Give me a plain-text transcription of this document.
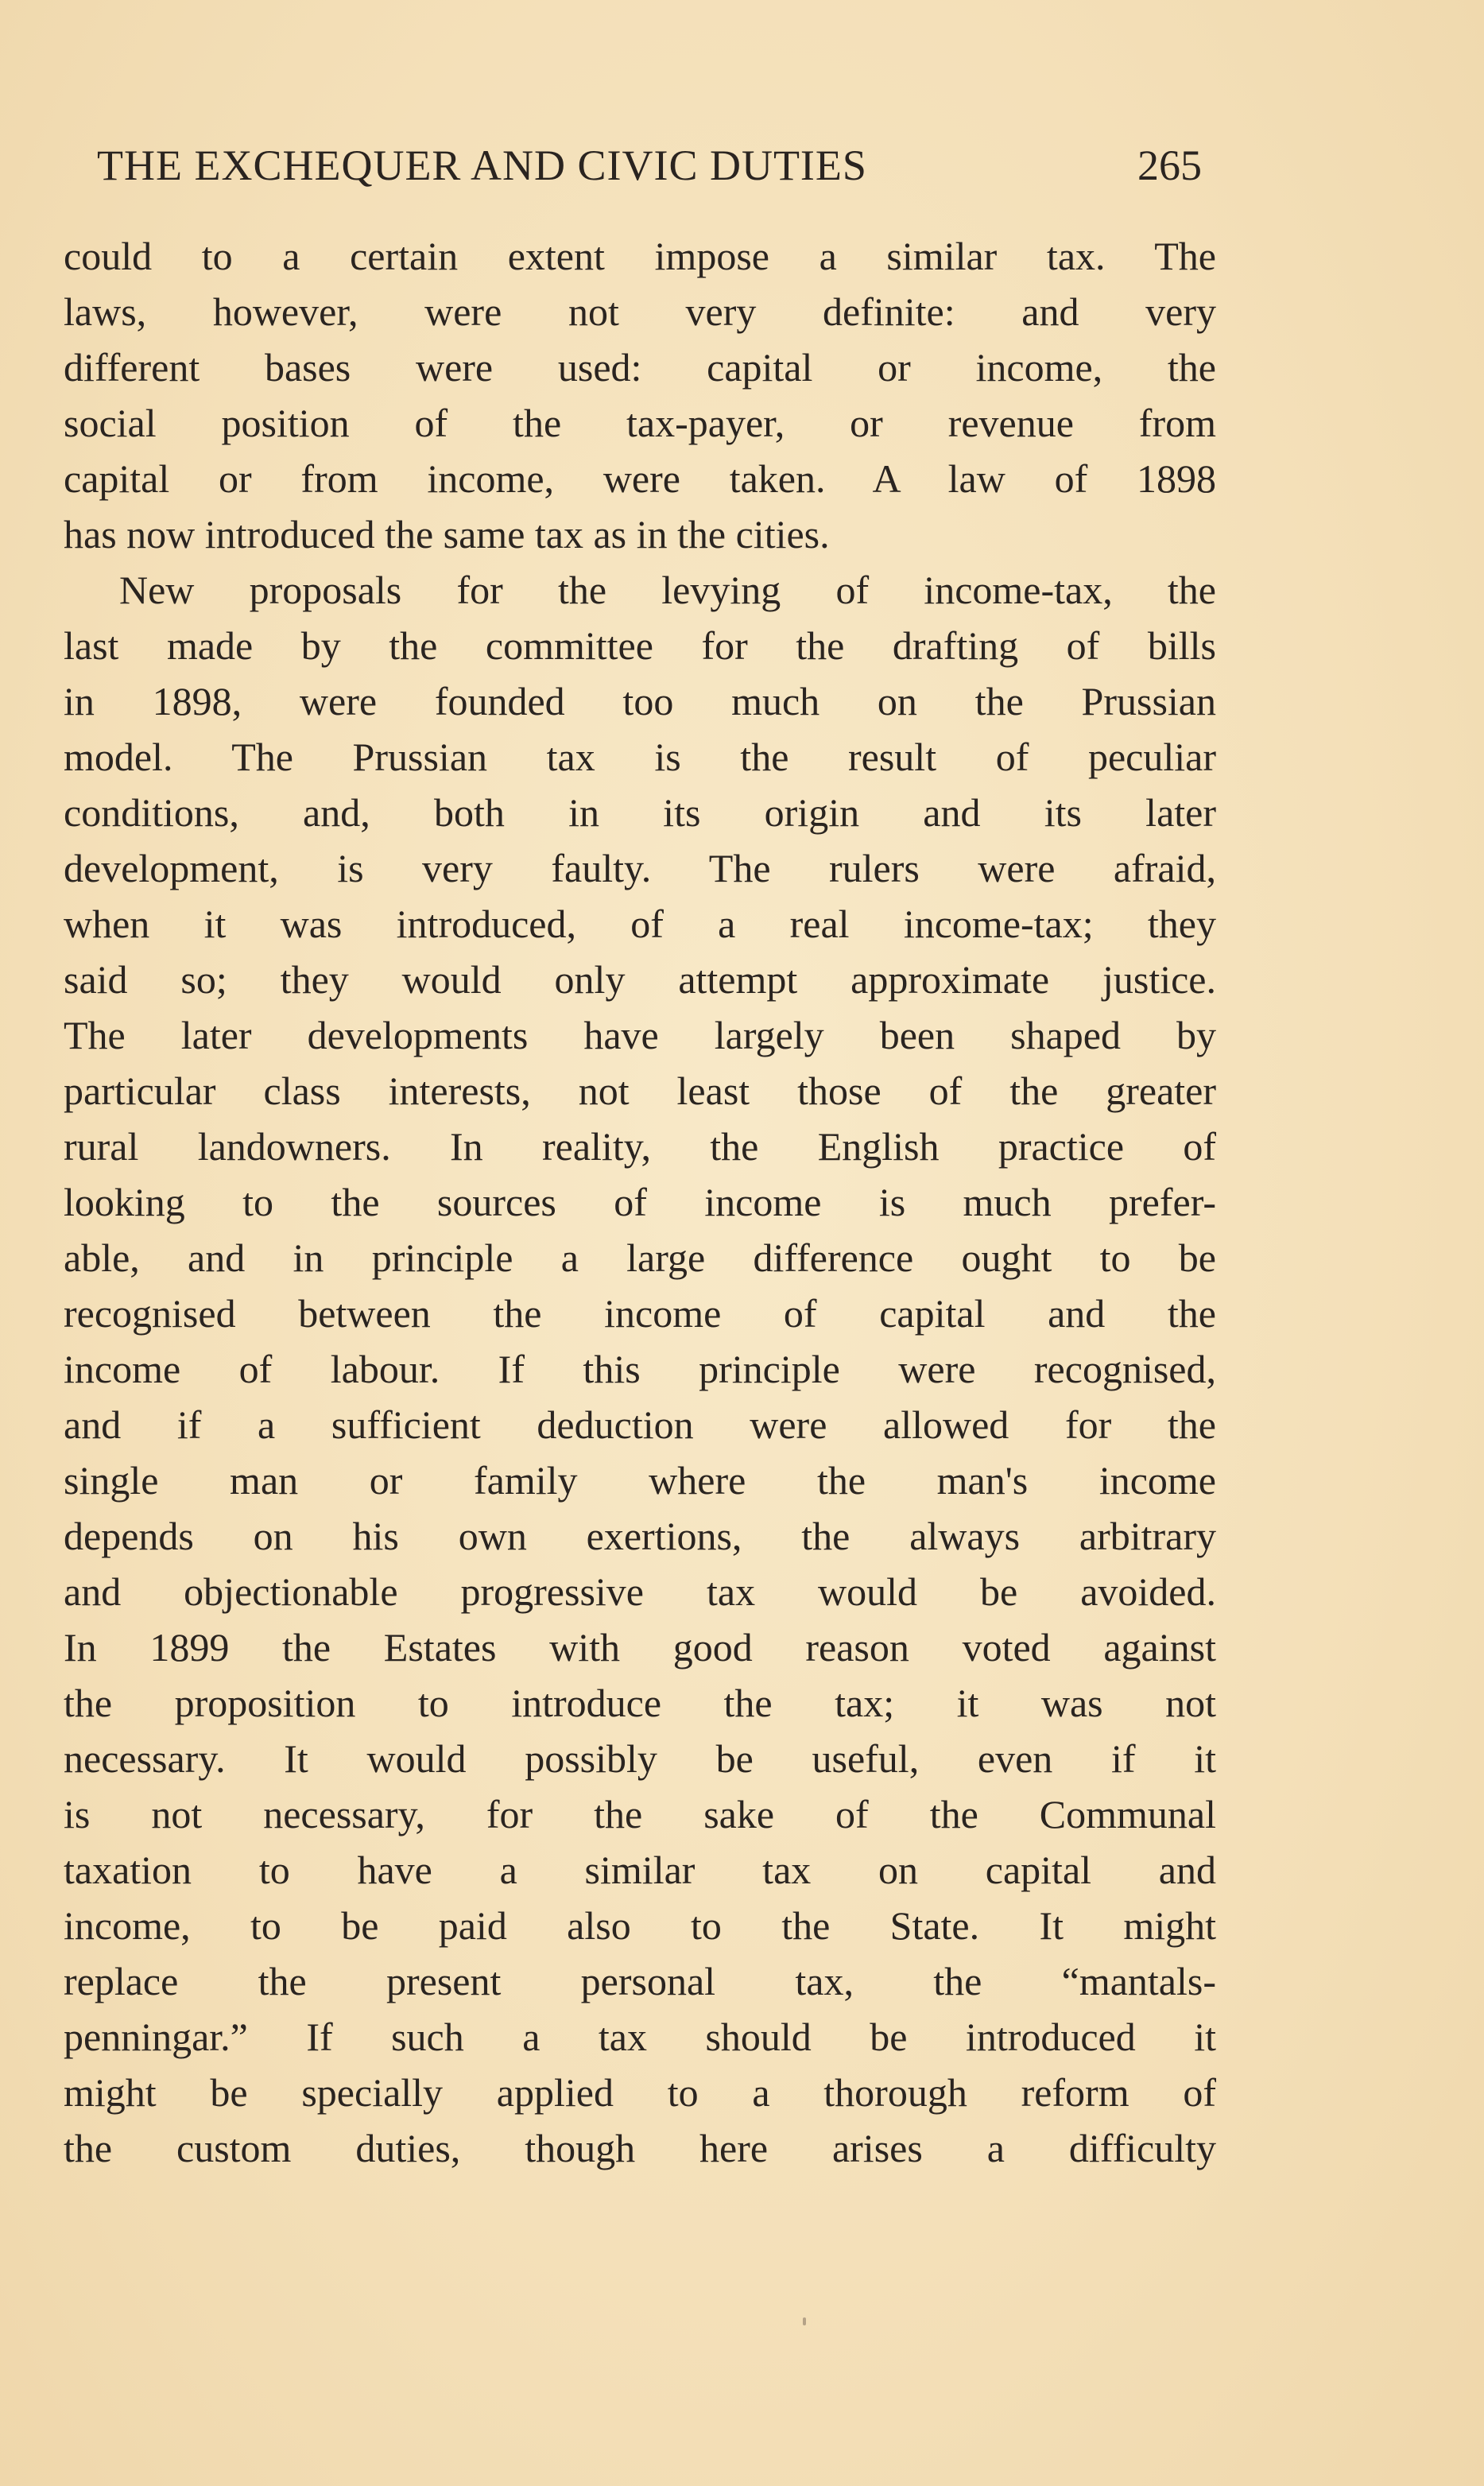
THE EXCHEQUER AND CIVIC DUTIES	265
could to a certain extent impose a similar tax. The
laws, however, were not very definite: and very
different bases were used: capital or income, the
social position of the tax-payer, or revenue from
capital or from income, were taken. A law of 1898
has now introduced the same tax as in the cities.
New proposals for the levying of income-tax, the
last made by the committee for the drafting of bills
in 1898, were founded too much on the Prussian
model. The Prussian tax is the result of peculiar
conditions, and, both in its origin and its later
development, is very faulty. The rulers were afraid,
when it was introduced, of a real income-tax; they
said so; they would only attempt approximate justice.
The later developments have largely been shaped by
particular class interests, not least those of the greater
rural landowners. In reality, the English practice of
looking to the sources of income is much prefer-
able, and in principle a large difference ought to be
recognised between the income of capital and the
income of labour. If this principle were recognised,
and if a sufficient deduction were allowed for the
single man or family where the man's income
depends on his own exertions, the always arbitrary
and objectionable progressive tax would be avoided.
In 1899 the Estates with good reason voted against
the proposition to introduce the tax; it was not
necessary. It would possibly be useful, even if it
is not necessary, for the sake of the Communal
taxation to have a similar tax on capital and
income, to be paid also to the State. It might
replace the present personal tax, the “mantals-
penningar.” If such a tax should be introduced it
might be specially applied to a thorough reform of
the custom duties, though here arises a difficulty
